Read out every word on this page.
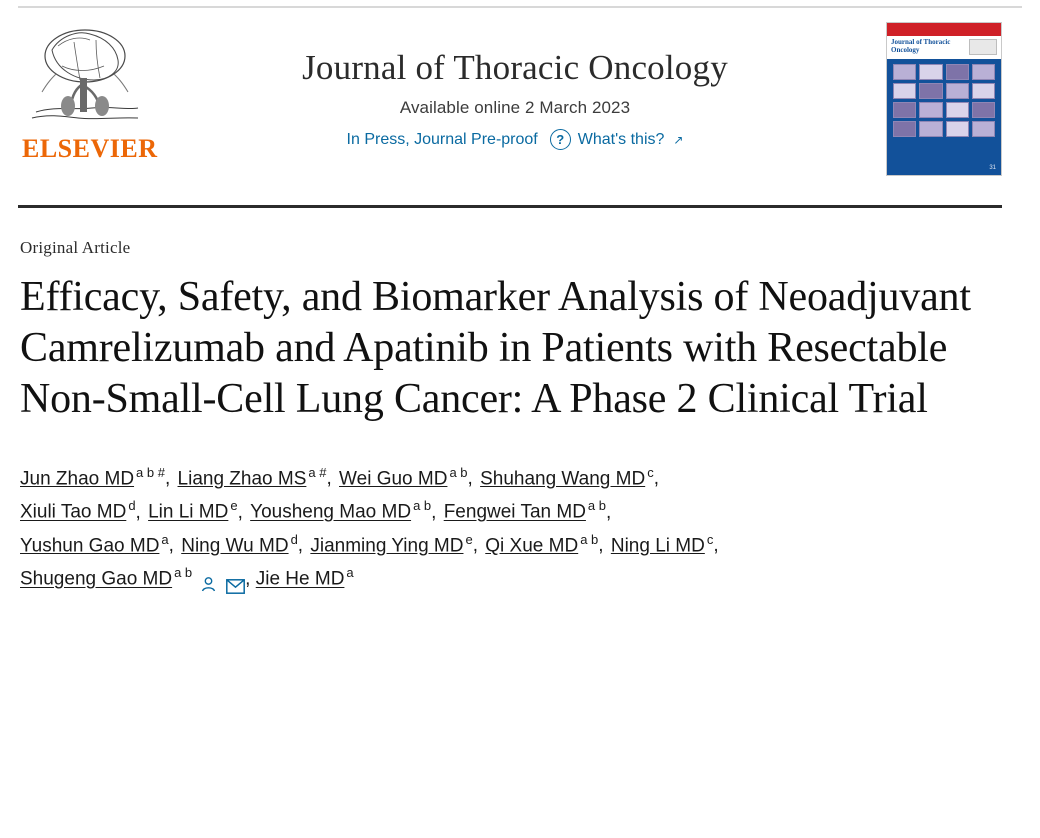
ELSEVIER
Journal of Thoracic Oncology
Available online 2 March 2023
In Press, Journal Pre-proof	? What's this? ↗
Journal of Thoracic Oncology
31
Original Article
Efficacy, Safety, and Biomarker Analysis of Neoadjuvant Camrelizumab and Apatinib in Patients with Resectable Non-Small-Cell Lung Cancer: A Phase 2 Clinical Trial
Jun Zhao MD $^{a b \#}$, Liang Zhao MS $^{a \#}$, Wei Guo MD $^{a b}$, Shuhang Wang MD $^c$,
Xiuli Tao MD $^d$, Lin Li MD $^e$, Yousheng Mao MD $^{a b}$, Fengwei Tan MD $^{a b}$,
Yushun Gao MD $^a$, Ning Wu MD $^d$, Jianming Ying MD $^e$, Qi Xue MD $^{a b}$, Ning Li MD $^c$,
Shugeng Gao MD $^{a b}$	, Jie He MD $^a$
